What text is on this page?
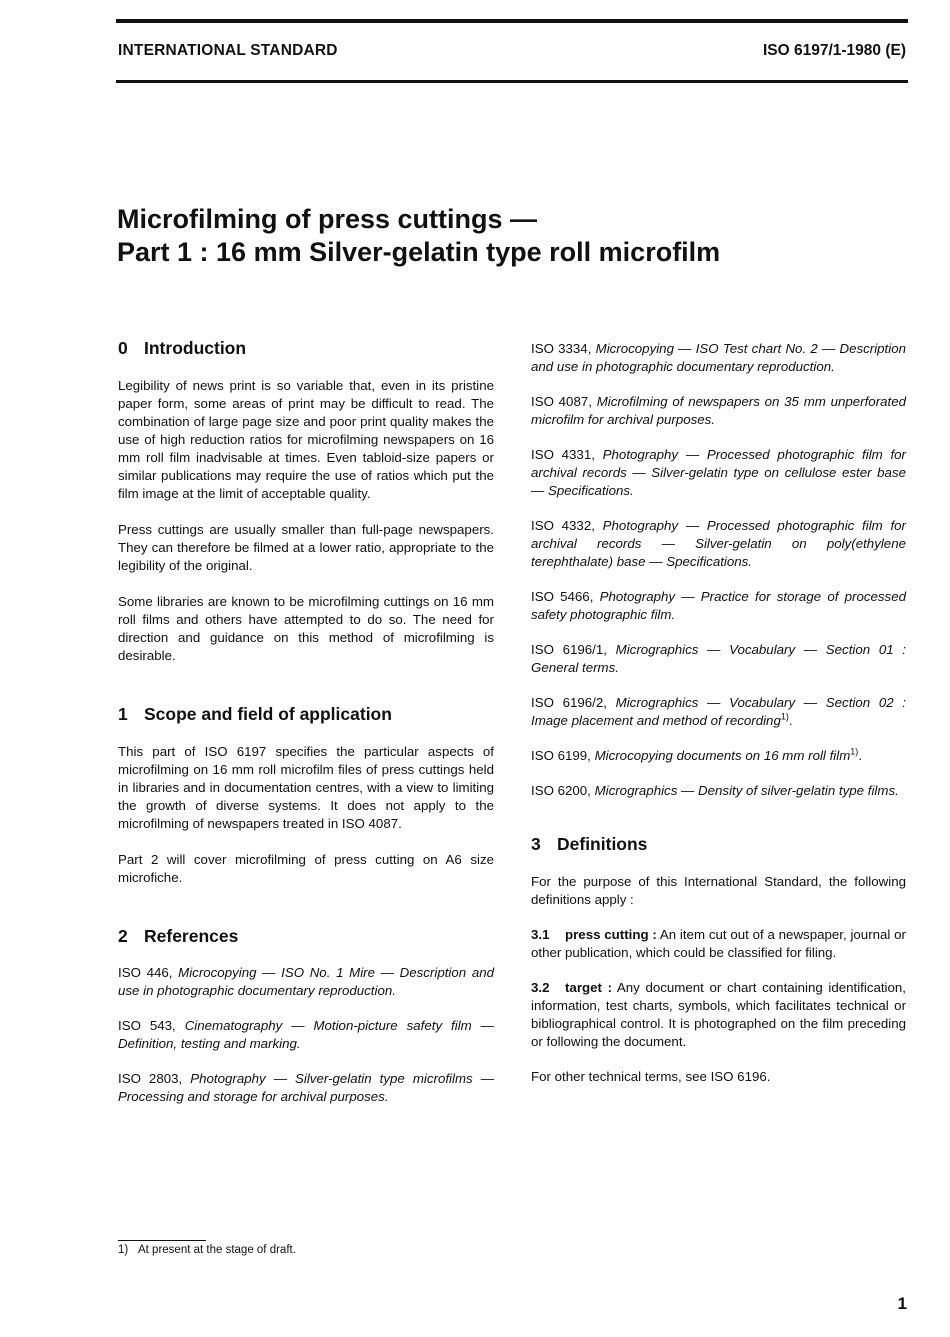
INTERNATIONAL STANDARD	ISO 6197/1-1980 (E)
Microfilming of press cuttings —
Part 1 : 16 mm Silver-gelatin type roll microfilm
0 Introduction

Legibility of news print is so variable that, even in its pristine paper form, some areas of print may be difficult to read. The combination of large page size and poor print quality makes the use of high reduction ratios for microfilming newspapers on 16 mm roll film inadvisable at times. Even tabloid-size papers or similar publications may require the use of ratios which put the film image at the limit of acceptable quality.

Press cuttings are usually smaller than full-page newspapers. They can therefore be filmed at a lower ratio, appropriate to the legibility of the original.

Some libraries are known to be microfilming cuttings on 16 mm roll films and others have attempted to do so. The need for direction and guidance on this method of microfilming is desirable.

1 Scope and field of application

This part of ISO 6197 specifies the particular aspects of microfilming on 16 mm roll microfilm files of press cuttings held in libraries and in documentation centres, with a view to limiting the growth of diverse systems. It does not apply to the microfilming of newspapers treated in ISO 4087.

Part 2 will cover microfilming of press cutting on A6 size microfiche.

2 References

ISO 446, Microcopying — ISO No. 1 Mire — Description and use in photographic documentary reproduction.

ISO 543, Cinematography — Motion-picture safety film — Definition, testing and marking.

ISO 2803, Photography — Silver-gelatin type microfilms — Processing and storage for archival purposes.

ISO 3334, Microcopying — ISO Test chart No. 2 — Description and use in photographic documentary reproduction.

ISO 4087, Microfilming of newspapers on 35 mm unperforated microfilm for archival purposes.

ISO 4331, Photography — Processed photographic film for archival records — Silver-gelatin type on cellulose ester base — Specifications.

ISO 4332, Photography — Processed photographic film for archival records — Silver-gelatin on poly(ethylene terephthalate) base — Specifications.

ISO 5466, Photography — Practice for storage of processed safety photographic film.

ISO 6196/1, Micrographics — Vocabulary — Section 01 : General terms.

ISO 6196/2, Micrographics — Vocabulary — Section 02 : Image placement and method of recording$^{1)}$.

ISO 6199, Microcopying documents on 16 mm roll film$^{1)}$.

ISO 6200, Micrographics — Density of silver-gelatin type films.

3 Definitions

For the purpose of this International Standard, the following definitions apply :

3.1 press cutting : An item cut out of a newspaper, journal or other publication, which could be classified for filing.

3.2 target : Any document or chart containing identification, information, test charts, symbols, which facilitates technical or bibliographical control. It is photographed on the film preceding or following the document.

For other technical terms, see ISO 6196.

1) At present at the stage of draft.
1
